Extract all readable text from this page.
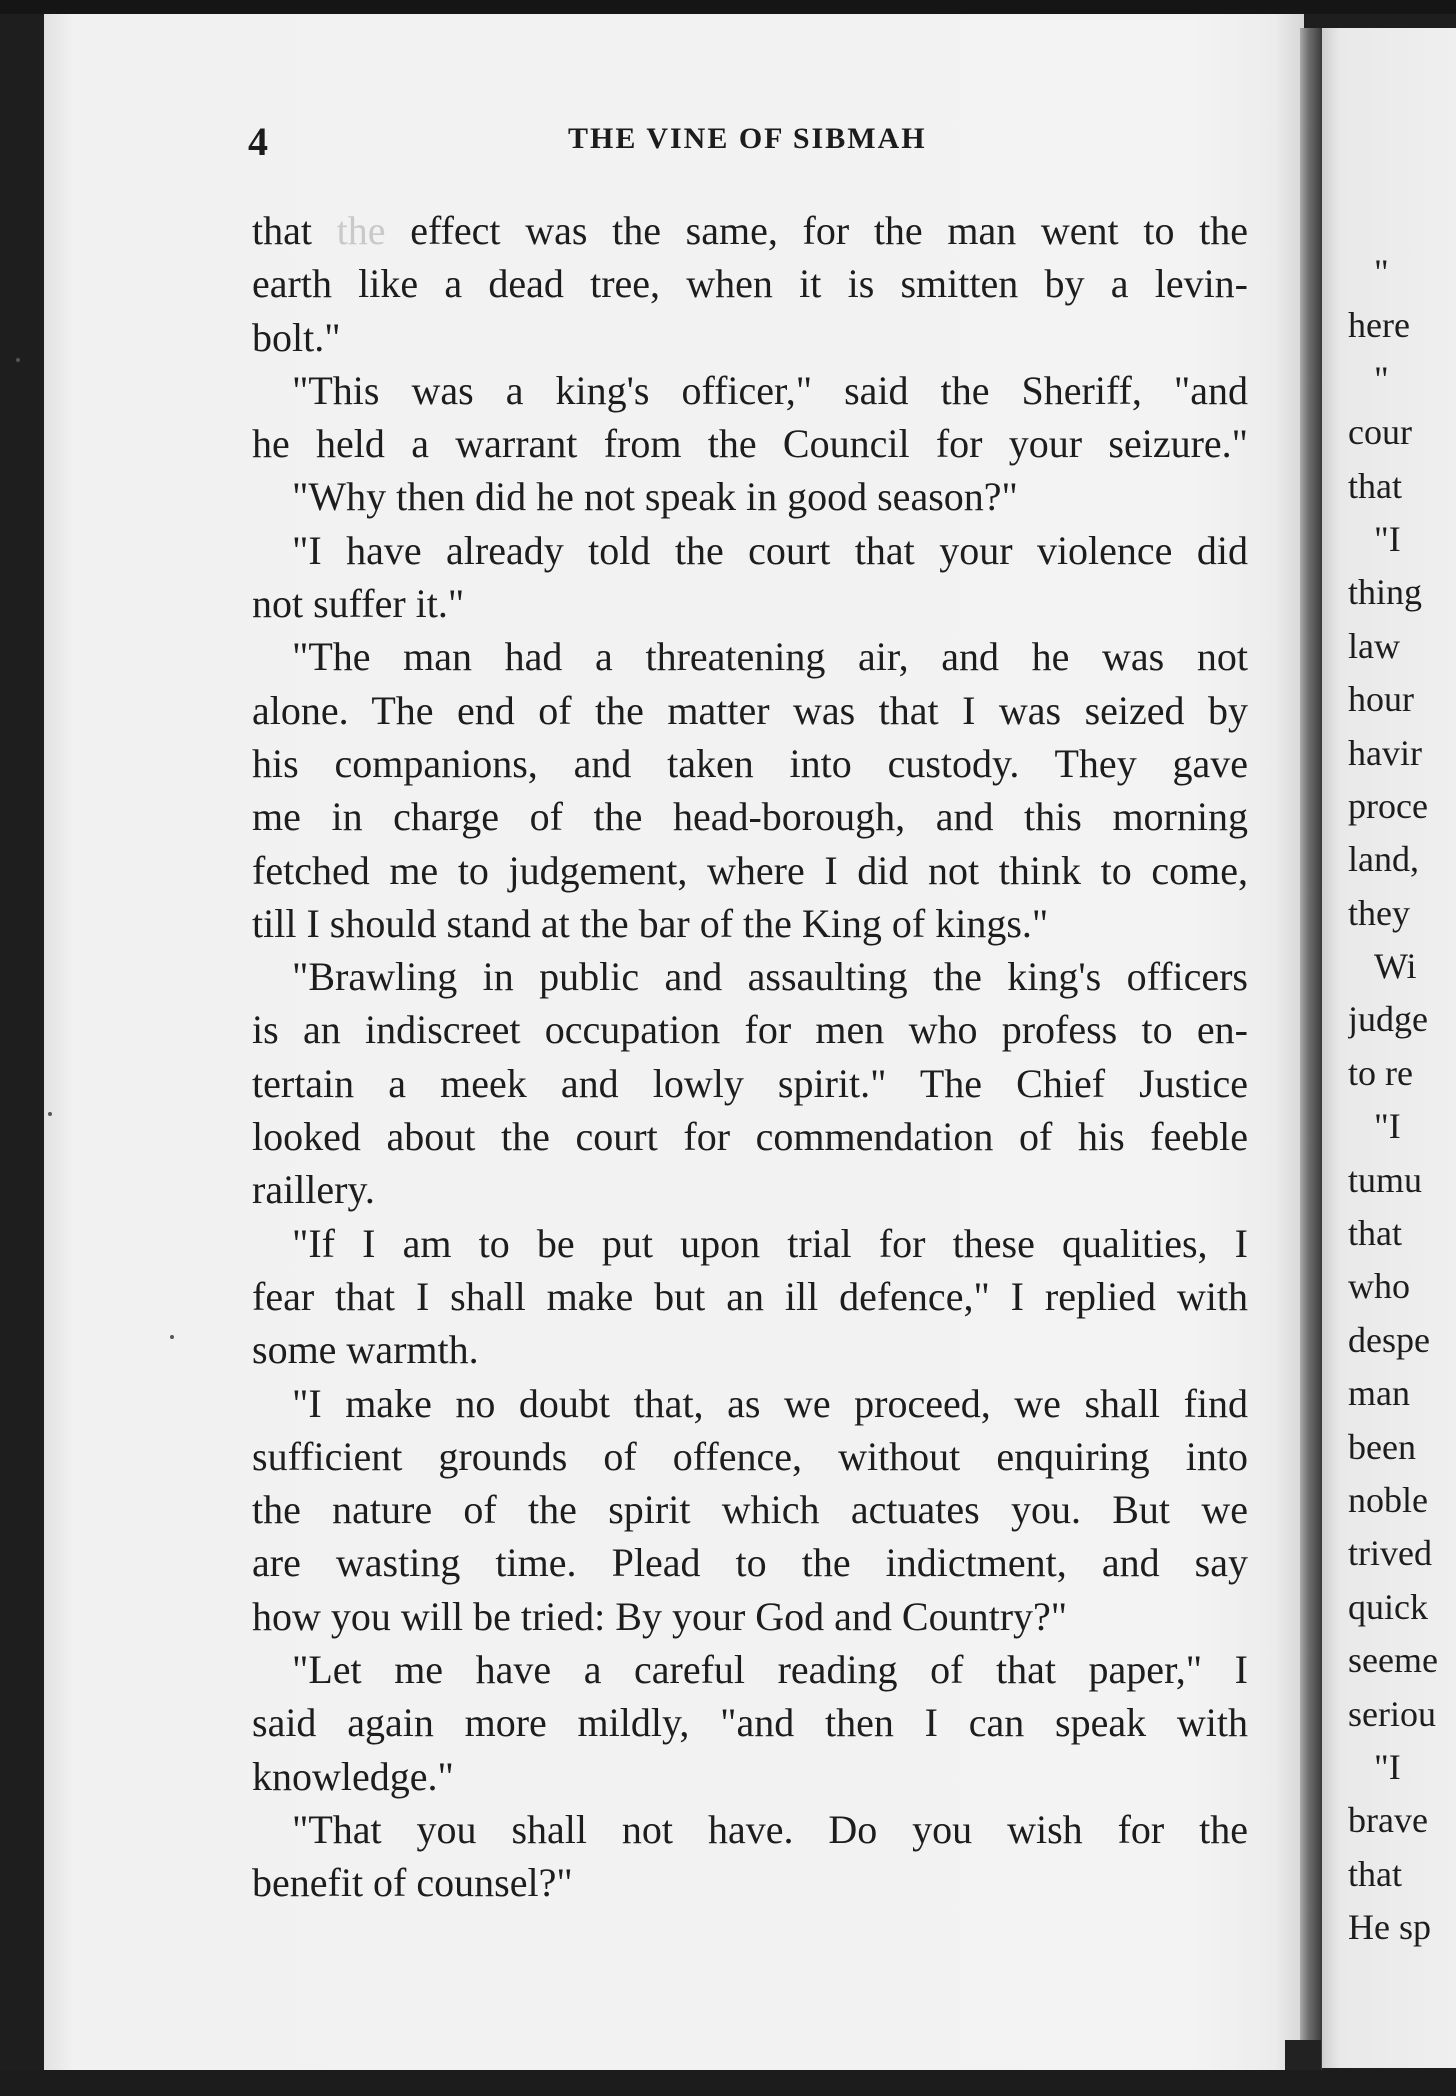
4	THE VINE OF SIBMAH
that the effect was the same, for the man went to the
earth like a dead tree, when it is smitten by a levin-
bolt."
"This was a king's officer," said the Sheriff, "and
he held a warrant from the Council for your seizure."
"Why then did he not speak in good season?"
"I have already told the court that your violence did
not suffer it."
"The man had a threatening air, and he was not
alone. The end of the matter was that I was seized by
his companions, and taken into custody. They gave
me in charge of the head-borough, and this morning
fetched me to judgement, where I did not think to come,
till I should stand at the bar of the King of kings."
"Brawling in public and assaulting the king's officers
is an indiscreet occupation for men who profess to en-
tertain a meek and lowly spirit." The Chief Justice
looked about the court for commendation of his feeble
raillery.
"If I am to be put upon trial for these qualities, I
fear that I shall make but an ill defence," I replied with
some warmth.
"I make no doubt that, as we proceed, we shall find
sufficient grounds of offence, without enquiring into
the nature of the spirit which actuates you. But we
are wasting time. Plead to the indictment, and say
how you will be tried: By your God and Country?"
"Let me have a careful reading of that paper," I
said again more mildly, "and then I can speak with
knowledge."
"That you shall not have. Do you wish for the
benefit of counsel?"
"
here
"
cour
that
"I
thing
law
hour
havir
proce
land,
they
Wi
judge
to re
"I
tumu
that
who
despe
man
been
noble
trived
quick
seeme
seriou
"I
brave
that
He sp
